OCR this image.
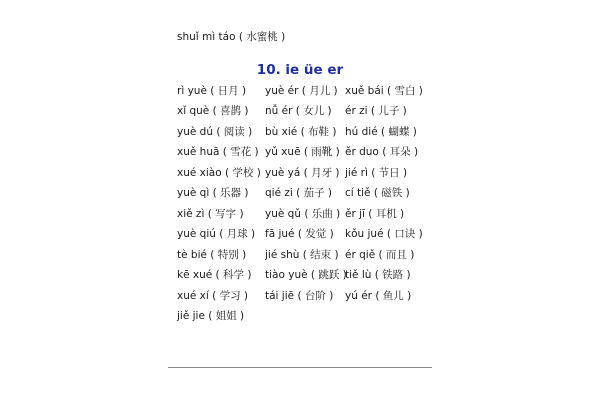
shuǐ mì táo ( 水蜜桃 )
10. ie üe er
rì yuè ( 日月 )
xǐ què ( 喜鹊 )
yuè dú ( 阅读 )
xuě huā ( 雪花 )
xué xiào ( 学校 )
yuè qì ( 乐器 )
xiě zì ( 写字 )
yuè qiú ( 月球 )
tè bié ( 特别 )
kē xué ( 科学 )
xué xí ( 学习 )
jiě jie ( 姐姐 )
yuè ér ( 月儿 )
nǚ ér ( 女儿 )
bù xié ( 布鞋 )
yǔ xuē ( 雨靴 )
yuè yá ( 月牙 )
qié zi ( 茄子 )
yuè qǔ ( 乐曲 )
fā jué ( 发觉 )
jié shù ( 结束 )
tiào yuè ( 跳跃 )
tái jiē ( 台阶 )
xuě bái ( 雪白 )
ér zi ( 儿子 )
hú dié ( 蝴蝶 )
ěr duo ( 耳朵 )
jié rì ( 节日 )
cí tiě ( 磁铁 )
ěr jī ( 耳机 )
kǒu jué ( 口诀 )
ér qiě ( 而且 )
tiě lù ( 铁路 )
yú ér ( 鱼儿 )
